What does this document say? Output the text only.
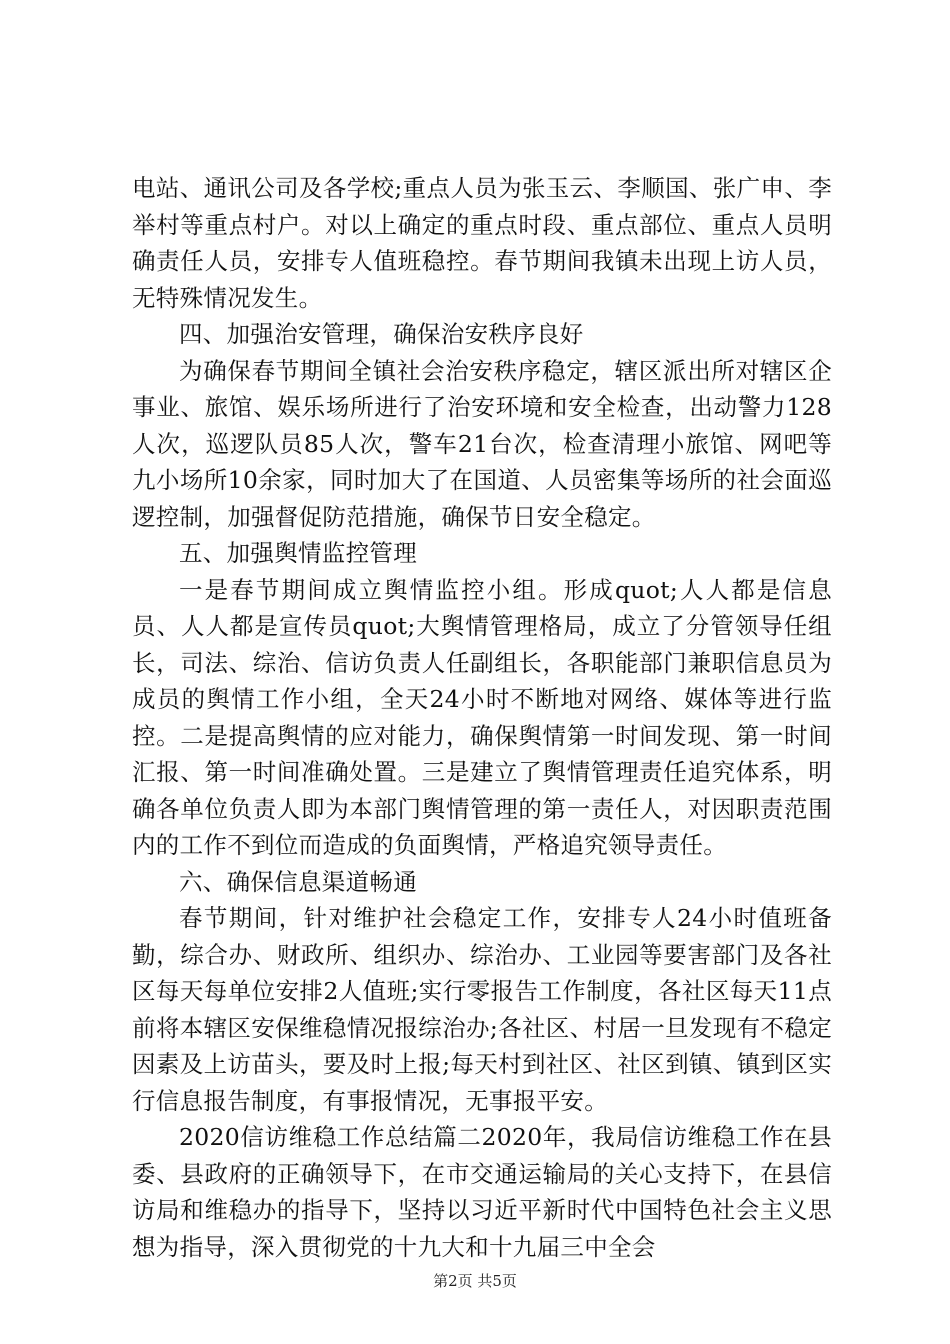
电站、通讯公司及各学校;重点人员为张玉云、李顺国、张广申、李举村等重点村户。对以上确定的重点时段、重点部位、重点人员明确责任人员，安排专人值班稳控。春节期间我镇未出现上访人员，无特殊情况发生。

四、加强治安管理，确保治安秩序良好

为确保春节期间全镇社会治安秩序稳定，辖区派出所对辖区企事业、旅馆、娱乐场所进行了治安环境和安全检查，出动警力128人次，巡逻队员85人次，警车21台次，检查清理小旅馆、网吧等九小场所10余家，同时加大了在国道、人员密集等场所的社会面巡逻控制，加强督促防范措施，确保节日安全稳定。

五、加强舆情监控管理

一是春节期间成立舆情监控小组。形成quot;人人都是信息员、人人都是宣传员quot;大舆情管理格局，成立了分管领导任组长，司法、综治、信访负责人任副组长，各职能部门兼职信息员为成员的舆情工作小组，全天24小时不断地对网络、媒体等进行监控。二是提高舆情的应对能力，确保舆情第一时间发现、第一时间汇报、第一时间准确处置。三是建立了舆情管理责任追究体系，明确各单位负责人即为本部门舆情管理的第一责任人，对因职责范围内的工作不到位而造成的负面舆情，严格追究领导责任。

六、确保信息渠道畅通

春节期间，针对维护社会稳定工作，安排专人24小时值班备勤，综合办、财政所、组织办、综治办、工业园等要害部门及各社区每天每单位安排2人值班;实行零报告工作制度，各社区每天11点前将本辖区安保维稳情况报综治办;各社区、村居一旦发现有不稳定因素及上访苗头，要及时上报;每天村到社区、社区到镇、镇到区实行信息报告制度，有事报情况，无事报平安。

2020信访维稳工作总结篇二2020年，我局信访维稳工作在县委、县政府的正确领导下，在市交通运输局的关心支持下，在县信访局和维稳办的指导下，坚持以习近平新时代中国特色社会主义思想为指导，深入贯彻党的十九大和十九届三中全会

第2页 共5页
